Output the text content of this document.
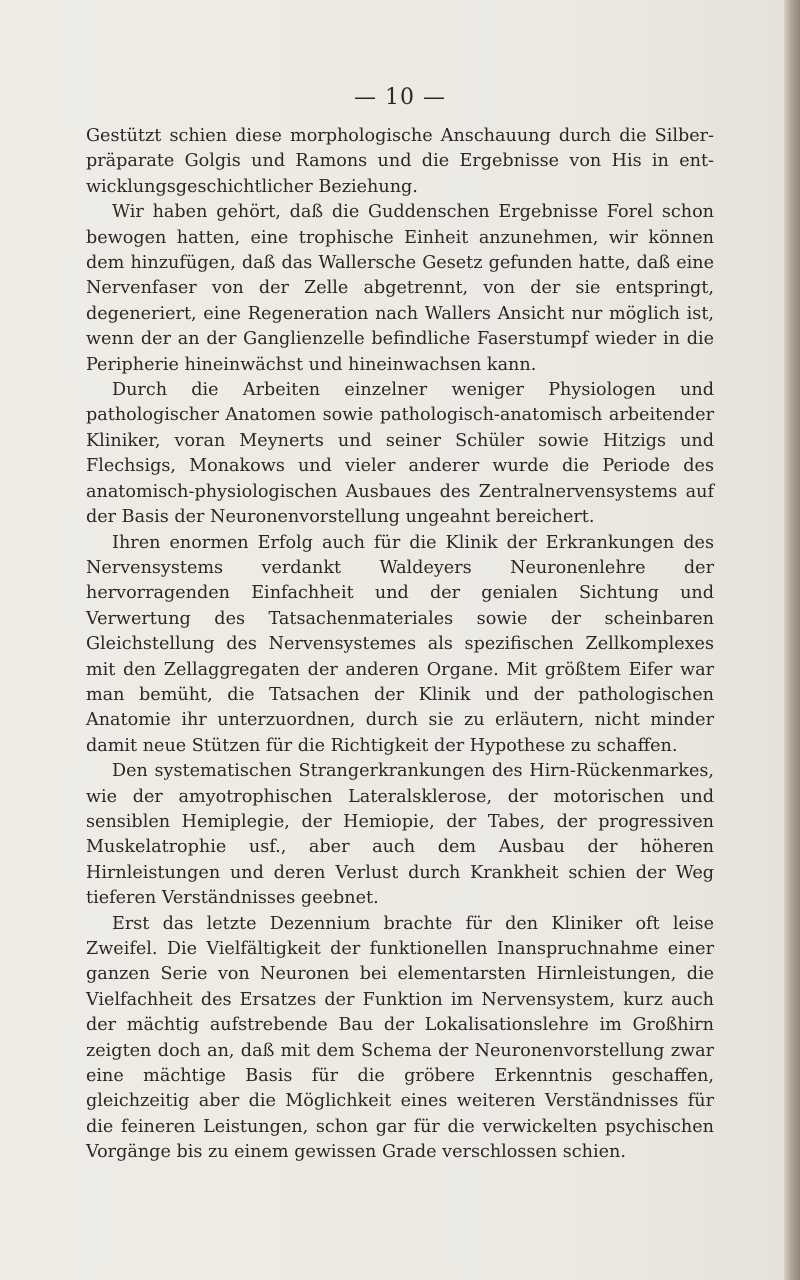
— 10 —

Gestützt schien diese morphologische Anschauung durch die Silberpräparate Golgis und Ramons und die Ergebnisse von His in entwicklungsgeschichtlicher Beziehung.

Wir haben gehört, daß die Guddenschen Ergebnisse Forel schon bewogen hatten, eine trophische Einheit anzunehmen, wir können dem hinzufügen, daß das Wallersche Gesetz gefunden hatte, daß eine Nervenfaser von der Zelle abgetrennt, von der sie entspringt, degeneriert, eine Regeneration nach Wallers Ansicht nur möglich ist, wenn der an der Ganglienzelle befindliche Faserstumpf wieder in die Peripherie hineinwächst und hineinwachsen kann.

Durch die Arbeiten einzelner weniger Physiologen und pathologischer Anatomen sowie pathologisch-anatomisch arbeitender Kliniker, voran Meynerts und seiner Schüler sowie Hitzigs und Flechsigs, Monakows und vieler anderer wurde die Periode des anatomisch-physiologischen Ausbaues des Zentralnervensystems auf der Basis der Neuronenvorstellung ungeahnt bereichert.

Ihren enormen Erfolg auch für die Klinik der Erkrankungen des Nervensystems verdankt Waldeyers Neuronenlehre der hervorragenden Einfachheit und der genialen Sichtung und Verwertung des Tatsachenmateriales sowie der scheinbaren Gleichstellung des Nervensystemes als spezifischen Zellkomplexes mit den Zellaggregaten der anderen Organe. Mit größtem Eifer war man bemüht, die Tatsachen der Klinik und der pathologischen Anatomie ihr unterzuordnen, durch sie zu erläutern, nicht minder damit neue Stützen für die Richtigkeit der Hypothese zu schaffen.

Den systematischen Strangerkrankungen des Hirn-Rückenmarkes, wie der amyotrophischen Lateralsklerose, der motorischen und sensiblen Hemiplegie, der Hemiopie, der Tabes, der progressiven Muskelatrophie usf., aber auch dem Ausbau der höheren Hirnleistungen und deren Verlust durch Krankheit schien der Weg tieferen Verständnisses geebnet.

Erst das letzte Dezennium brachte für den Kliniker oft leise Zweifel. Die Vielfältigkeit der funktionellen Inanspruchnahme einer ganzen Serie von Neuronen bei elementarsten Hirnleistungen, die Vielfachheit des Ersatzes der Funktion im Nervensystem, kurz auch der mächtig aufstrebende Bau der Lokalisationslehre im Großhirn zeigten doch an, daß mit dem Schema der Neuronenvorstellung zwar eine mächtige Basis für die gröbere Erkenntnis geschaffen, gleichzeitig aber die Möglichkeit eines weiteren Verständnisses für die feineren Leistungen, schon gar für die verwickelten psychischen Vorgänge bis zu einem gewissen Grade verschlossen schien.
